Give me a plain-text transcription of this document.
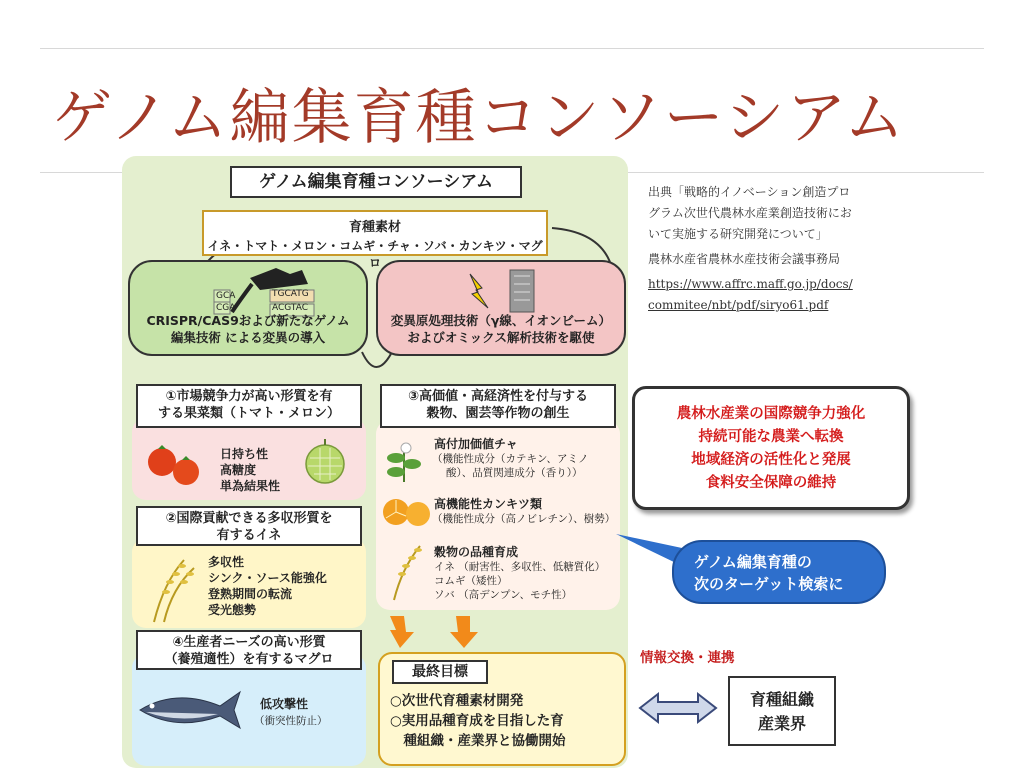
ゲノム編集育種コンソーシアム
ゲノム編集育種コンソーシアム
育種素材
イネ・トマト・メロン・コムギ・チャ・ソバ・カンキツ・マグロ
GCA
CGA
TGCATG
ACGTAC
CRISPR/CAS9および新たなゲノム
編集技術 による変異の導入
変異原処理技術（γ線、イオンビーム）
およびオミックス解析技術を駆使
①市場競争力が高い形質を有
する果菜類（トマト・メロン）
日持ち性
高糖度
単為結果性
②国際貢献できる多収形質を
有するイネ
多収性
シンク・ソース能強化
登熟期間の転流
受光態勢
④生産者ニーズの高い形質
（養殖適性）を有するマグロ
低攻撃性
（衝突性防止）
③高価値・高経済性を付与する
穀物、園芸等作物の創生
高付加価値チャ
（機能性成分（カテキン、アミノ
酸）、品質関連成分（香り））
高機能性カンキツ類
（機能性成分（高ノビレチン）、樹勢）
穀物の品種育成
イネ （耐害性、多収性、低糖質化）
コムギ（矮性）
ソバ （高デンプン、モチ性）
最終目標
○次世代育種素材開発
○実用品種育成を目指した育
　種組織・産業界と協働開始
出典「戦略的イノベーション創造プロ
グラム次世代農林水産業創造技術にお
いて実施する研究開発について」
農林水産省農林水産技術会議事務局
https://www.affrc.maff.go.jp/docs/
commitee/nbt/pdf/siryo61.pdf
農林水産業の国際競争力強化
持続可能な農業へ転換
地域経済の活性化と発展
食料安全保障の維持
ゲノム編集育種の
次のターゲット検索に
情報交換・連携
育種組織
産業界
